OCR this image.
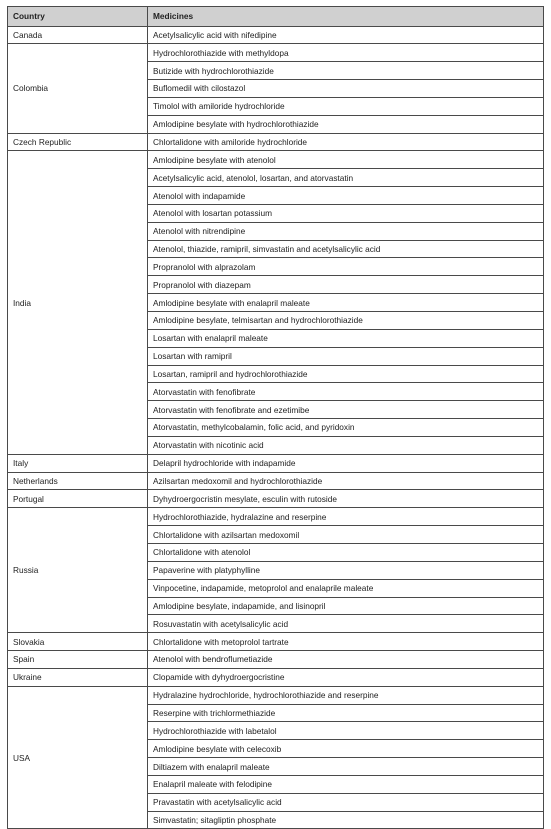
Country	Medicines
Canada	Acetylsalicylic acid with nifedipine
Colombia	Hydrochlorothiazide with methyldopa
	Butizide with hydrochlorothiazide
	Buflomedil with cilostazol
	Timolol with amiloride hydrochloride
	Amlodipine besylate with hydrochlorothiazide
Czech Republic	Chlortalidone with amiloride hydrochloride
India	Amlodipine besylate with atenolol
	Acetylsalicylic acid, atenolol, losartan, and atorvastatin
	Atenolol with indapamide
	Atenolol with losartan potassium
	Atenolol with nitrendipine
	Atenolol, thiazide, ramipril, simvastatin and acetylsalicylic acid
	Propranolol with alprazolam
	Propranolol with diazepam
	Amlodipine besylate with enalapril maleate
	Amlodipine besylate, telmisartan and hydrochlorothiazide
	Losartan with enalapril maleate
	Losartan with ramipril
	Losartan, ramipril and hydrochlorothiazide
	Atorvastatin with fenofibrate
	Atorvastatin with fenofibrate and ezetimibe
	Atorvastatin, methylcobalamin, folic acid, and pyridoxin
	Atorvastatin with nicotinic acid
Italy	Delapril hydrochloride with indapamide
Netherlands	Azilsartan medoxomil and hydrochlorothiazide
Portugal	Dyhydroergocristin mesylate, esculin with rutoside
Russia	Hydrochlorothiazide, hydralazine and reserpine
	Chlortalidone with azilsartan medoxomil
	Chlortalidone with atenolol
	Papaverine with platyphylline
	Vinpocetine, indapamide, metoprolol and enalaprile maleate
	Amlodipine besylate, indapamide, and lisinopril
	Rosuvastatin with acetylsalicylic acid
Slovakia	Chlortalidone with metoprolol tartrate
Spain	Atenolol with bendroflumetiazide
Ukraine	Clopamide with dyhydroergocristine
USA	Hydralazine hydrochloride, hydrochlorothiazide and reserpine
	Reserpine with trichlormethiazide
	Hydrochlorothiazide with labetalol
	Amlodipine besylate with celecoxib
	Diltiazem with enalapril maleate
	Enalapril maleate with felodipine
	Pravastatin with acetylsalicylic acid
	Simvastatin; sitagliptin phosphate
